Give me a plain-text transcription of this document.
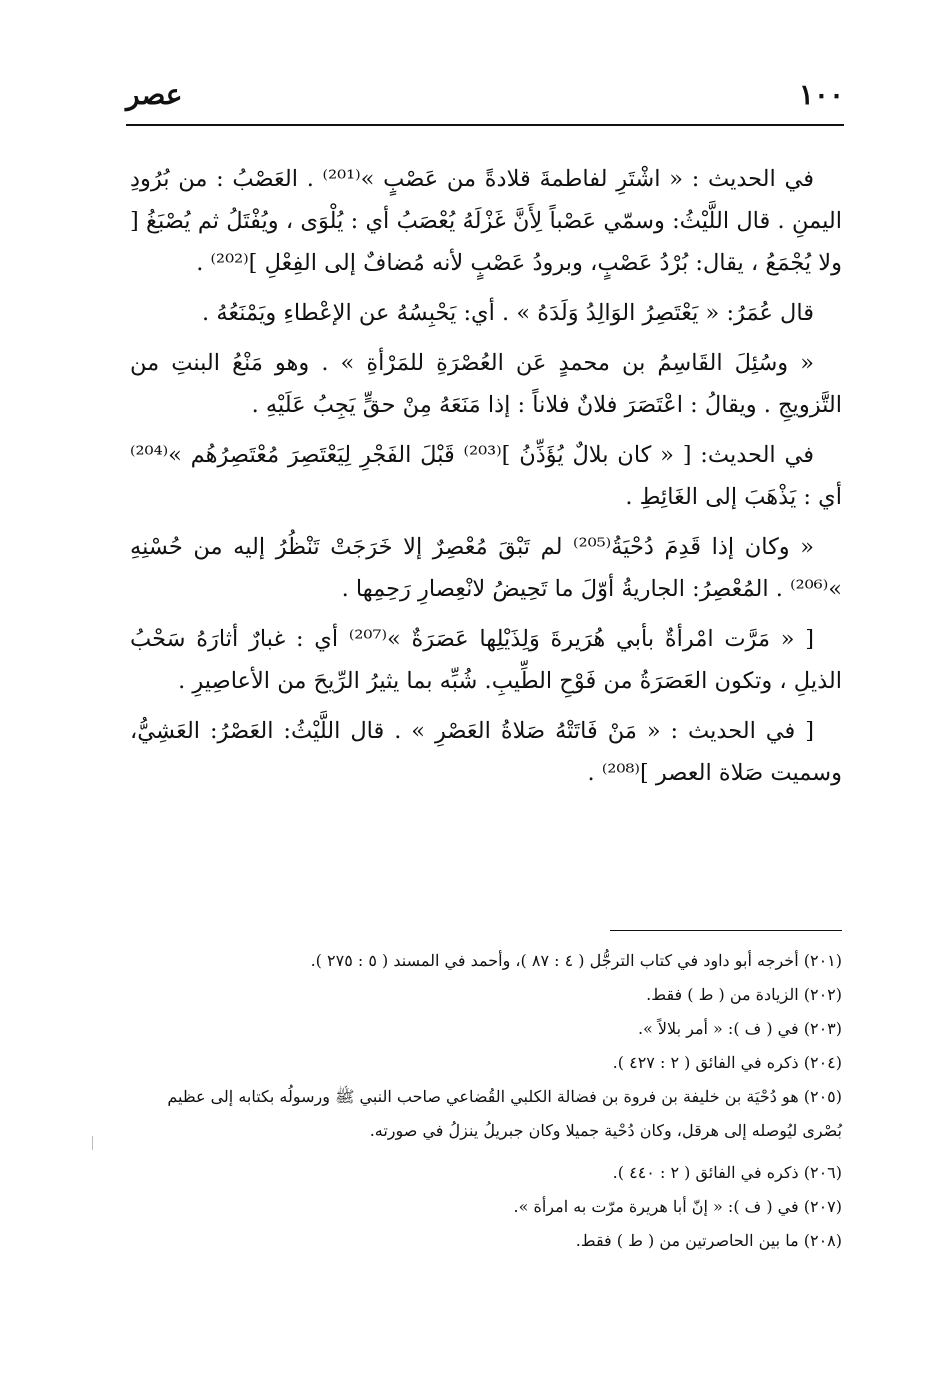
١٠٠
عصر

في الحديث : « اشْتَرِ لفاطمةَ قلادةً من عَصْبٍ »⁽²⁰¹⁾ . العَصْبُ : من بُرُودِ اليمنِ . قال اللَّيْثُ: وسمّي عَصْباً لِأَنَّ غَزْلَهُ يُعْصَبُ أي : يُلْوَى ، ويُفْتَلُ ثم يُصْبَغُ [ ولا يُجْمَعُ ، يقال: بُرْدُ عَصْبٍ، وبرودُ عَصْبٍ لأنه مُضافٌ إلى الفِعْلِ ]⁽²⁰²⁾ .

قال عُمَرُ: « يَعْتَصِرُ الوَالِدُ وَلَدَهُ » . أي: يَحْبِسُهُ عن الإعْطاءِ ويَمْنَعُهُ .

« وسُئِلَ القَاسِمُ بن محمدٍ عَن العُصْرَةِ للمَرْأةِ » . وهو مَنْعُ البنتِ من التَّزويجِ . ويقالُ : اعْتَصَرَ فلانٌ فلاناً : إذا مَنَعَهُ مِنْ حقٍّ يَجِبُ عَلَيْهِ .

في الحديث: [ « كان بلالٌ يُؤَذِّنُ ]⁽²⁰³⁾ قَبْلَ الفَجْرِ لِيَعْتَصِرَ مُعْتَصِرُهُم »⁽²⁰⁴⁾ أي : يَذْهَبَ إلى الغَائِطِ .

« وكان إذا قَدِمَ دُحْيَةُ⁽²⁰⁵⁾ لم تَبْقَ مُعْصِرٌ إلا خَرَجَتْ تَنْظُرُ إليه من حُسْنِهِ »⁽²⁰⁶⁾ . المُعْصِرُ: الجاريةُ أوّلَ ما تَحِيضُ لانْعِصارِ رَحِمِها .

[ « مَرَّت امْرأةٌ بأبي هُرَيرةَ وَلِذَيْلِها عَصَرَةٌ »⁽²⁰⁷⁾ أي : غبارٌ أثارَهُ سَحْبُ الذيلِ ، وتكون العَصَرَةُ من فَوْحِ الطِّيبِ. شُبِّه بما يثيرُ الرِّيحَ من الأعاصِيرِ .

[ في الحديث : « مَنْ فَاتَتْهُ صَلاةُ العَصْرِ » . قال اللَّيْثُ: العَصْرُ: العَشِيُّ، وسميت صَلاة العصر ]⁽²⁰⁸⁾ .

(٢٠١) أخرجه أبو داود في كتاب الترجُّل ( ٤ : ٨٧ )، وأحمد في المسند ( ٥ : ٢٧٥ ).

(٢٠٢) الزيادة من ( ط ) فقط.

(٢٠٣) في ( ف ): « أمر بلالاً ».

(٢٠٤) ذكره في الفائق ( ٢ : ٤٢٧ ).

(٢٠٥) هو دُحْيَة بن خليفة بن فروة بن فضالة الكلبي القُضاعي صاحب النبي ﷺ ورسولُه بكتابه إلى عظيم بُصْرى ليُوصله إلى هرقل، وكان دُحْية جميلا وكان جبريلُ ينزلُ في صورته.

(٢٠٦) ذكره في الفائق ( ٢ : ٤٤٠ ).

(٢٠٧) في ( ف ): « إنّ أبا هريرة مرّت به امرأة ».

(٢٠٨) ما بين الحاصرتين من ( ط ) فقط.
